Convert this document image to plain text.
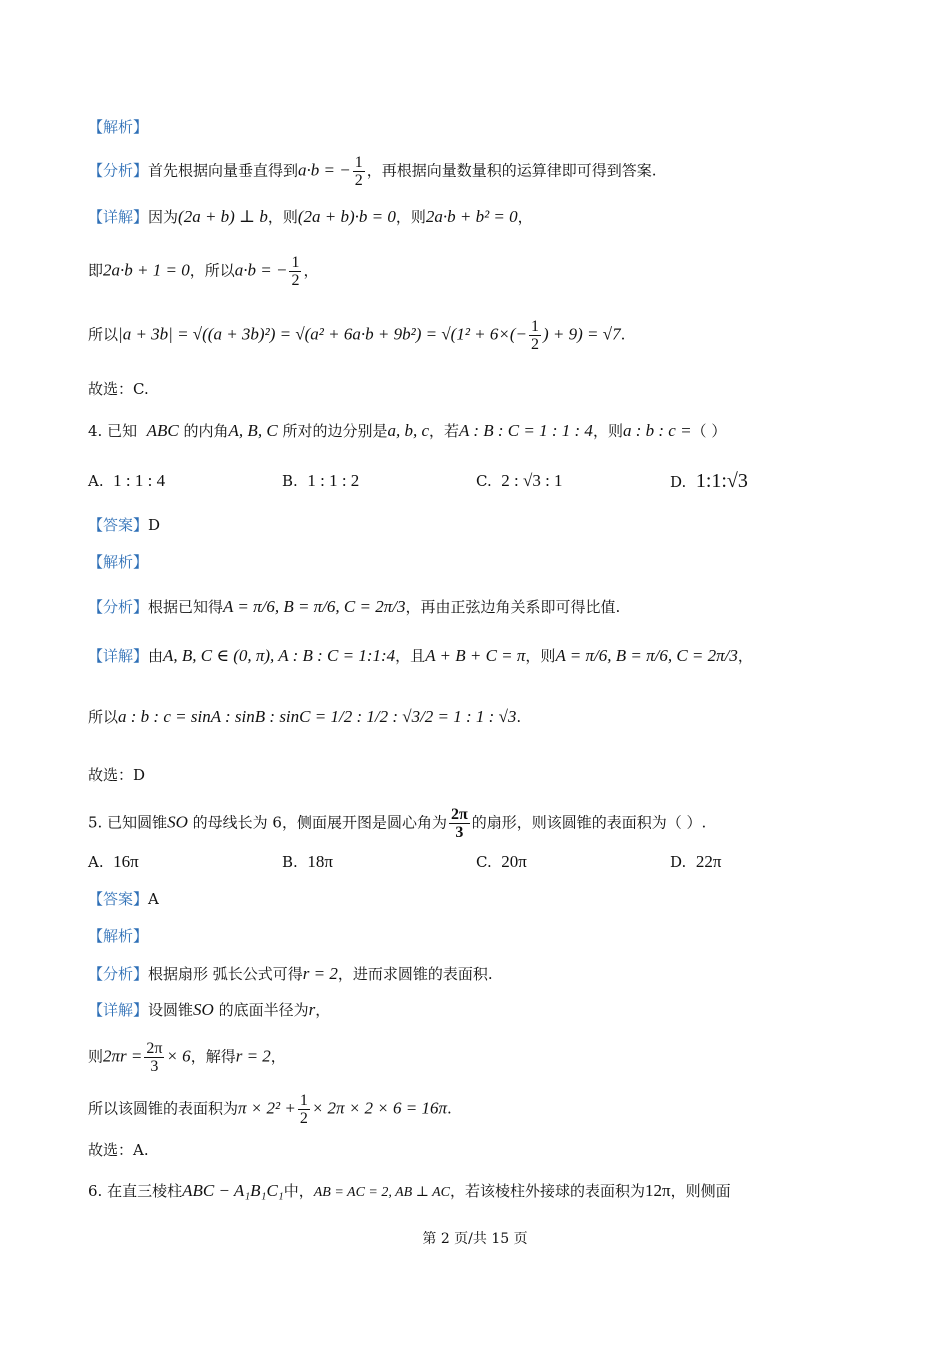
【解析】
【分析】首先根据向量垂直得到a·b = − $\frac{1}{2}$ ，再根据向量数量积的运算律即可得到答案.
【详解】因为(2a + b) ⊥ b，则(2a + b)·b = 0，则2a·b + b² = 0，
即2a·b + 1 = 0，所以a·b = − $\frac{1}{2}$ ，
所以$|a + 3b| = √((a + 3b)^2) = √(a^2 + 6a\cdot b + 9b^2) = √(1^2 + 6\times(- \frac{1}{2}$ ) + 9) = √7.
故选：C.
4. 已知 ABC 的内角A, B, C 所对的边分别是a, b, c，若A : B : C = 1 : 1 : 4，则a : b : c =（ ）
A. 1 : 1 : 4	B. 1 : 1 : 2	C. 2 : √3 : 1	D. 1:1:√3
【答案】D
【解析】
【分析】根据已知得A = π/6, B = π/6, C = 2π/3，再由正弦边角关系即可得比值.
【详解】由A, B, C ∈ (0, π), A : B : C = 1:1:4，且A + B + C = π，则A = π/6, B = π/6, C = 2π/3，
所以a : b : c = sinA : sinB : sinC = 1/2 : 1/2 : √3/2 = 1 : 1 : √3.
故选：D
5. 已知圆锥SO 的母线长为 6，侧面展开图是圆心角为 $\frac{2\pi}{3}$ 的扇形，则该圆锥的表面积为（ ）.
A. 16π	B. 18π	C. 20π	D. 22π
【答案】A
【解析】
【分析】根据扇形 弧长公式可得r = 2，进而求圆锥的表面积.
【详解】设圆锥SO 的底面半径为r，
则$2\pi r = \frac{2\pi}{3} \times 6$，解得r = 2，
所以该圆锥的表面积为$\pi \times 2^2 + \frac{1}{2} \times 2\pi \times 2 \times 6 = 16\pi$.
故选：A.
6. 在直三棱柱ABC − A₁B₁C₁中，AB = AC = 2, AB ⊥ AC，若该棱柱外接球的表面积为12π，则侧面
第 2 页/共 15 页
